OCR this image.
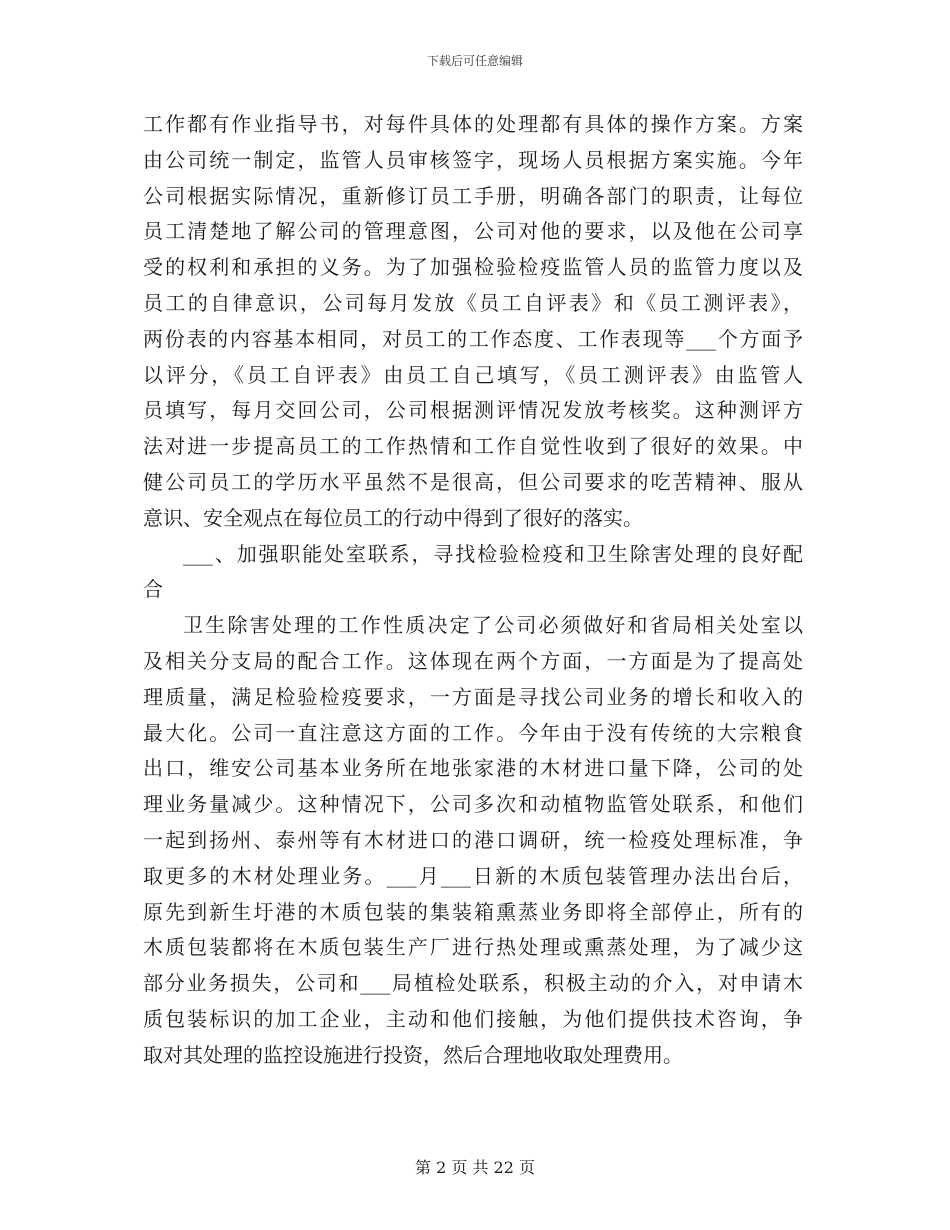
下载后可任意编辑
工作都有作业指导书，对每件具体的处理都有具体的操作方案。方案
由公司统一制定，监管人员审核签字，现场人员根据方案实施。今年
公司根据实际情况，重新修订员工手册，明确各部门的职责，让每位
员工清楚地了解公司的管理意图，公司对他的要求，以及他在公司享
受的权利和承担的义务。为了加强检验检疫监管人员的监管力度以及
员工的自律意识，公司每月发放《员工自评表》和《员工测评表》，
两份表的内容基本相同，对员工的工作态度、工作表现等___个方面予
以评分，《员工自评表》由员工自己填写，《员工测评表》由监管人
员填写，每月交回公司，公司根据测评情况发放考核奖。这种测评方
法对进一步提高员工的工作热情和工作自觉性收到了很好的效果。中
健公司员工的学历水平虽然不是很高，但公司要求的吃苦精神、服从
意识、安全观点在每位员工的行动中得到了很好的落实。
___、加强职能处室联系，寻找检验检疫和卫生除害处理的良好配
合
卫生除害处理的工作性质决定了公司必须做好和省局相关处室以
及相关分支局的配合工作。这体现在两个方面，一方面是为了提高处
理质量，满足检验检疫要求，一方面是寻找公司业务的增长和收入的
最大化。公司一直注意这方面的工作。今年由于没有传统的大宗粮食
出口，维安公司基本业务所在地张家港的木材进口量下降，公司的处
理业务量减少。这种情况下，公司多次和动植物监管处联系，和他们
一起到扬州、泰州等有木材进口的港口调研，统一检疫处理标准，争
取更多的木材处理业务。___月___日新的木质包装管理办法出台后，
原先到新生圩港的木质包装的集装箱熏蒸业务即将全部停止，所有的
木质包装都将在木质包装生产厂进行热处理或熏蒸处理，为了减少这
部分业务损失，公司和___局植检处联系，积极主动的介入，对申请木
质包装标识的加工企业，主动和他们接触，为他们提供技术咨询，争
取对其处理的监控设施进行投资，然后合理地收取处理费用。
第 2 页 共 22 页
